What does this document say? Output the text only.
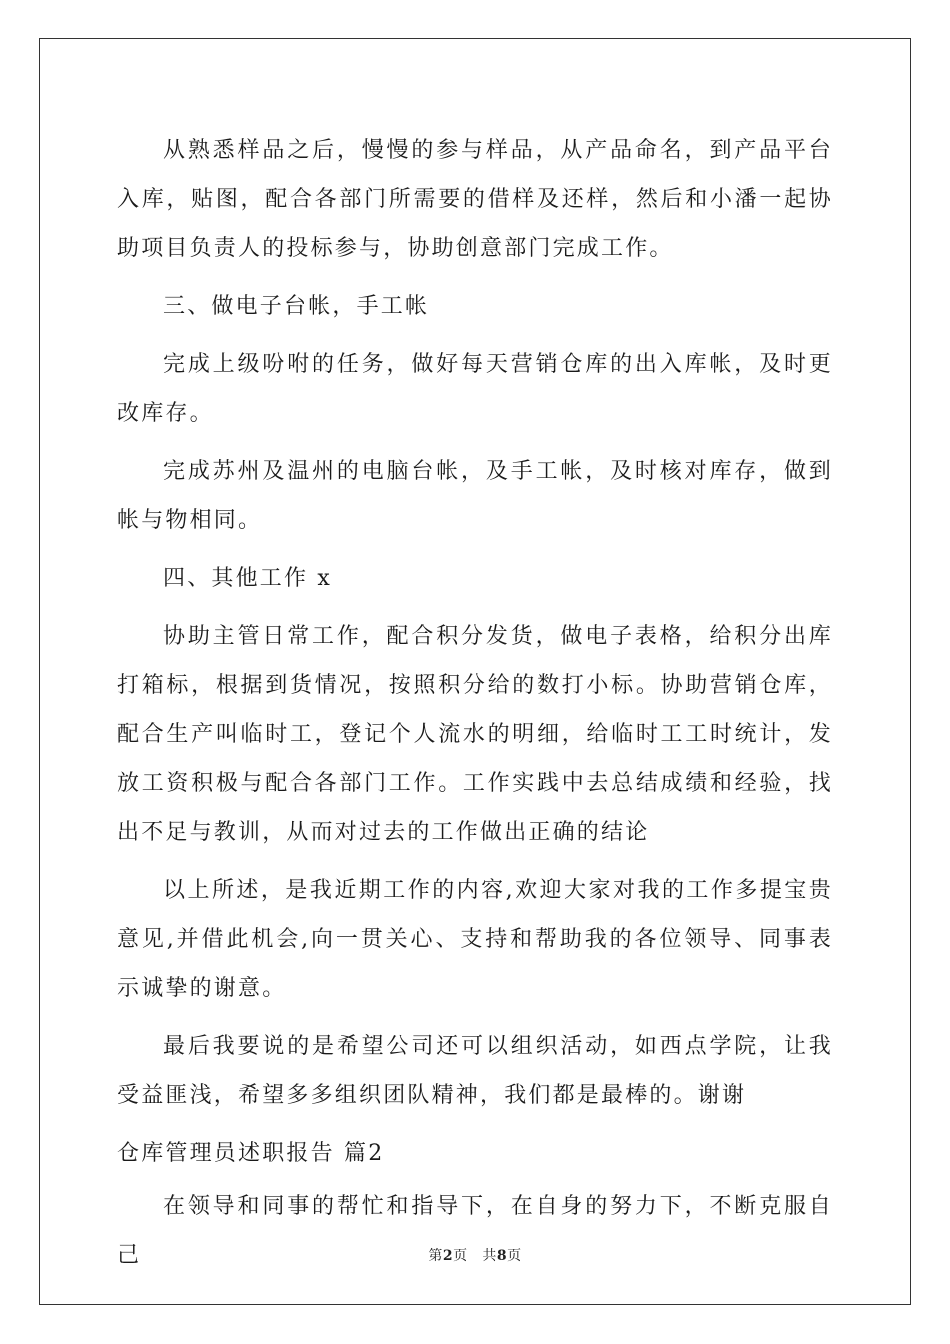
从熟悉样品之后，慢慢的参与样品，从产品命名，到产品平台入库，贴图，配合各部门所需要的借样及还样，然后和小潘一起协助项目负责人的投标参与，协助创意部门完成工作。

三、做电子台帐，手工帐

完成上级吩咐的任务，做好每天营销仓库的出入库帐，及时更改库存。

完成苏州及温州的电脑台帐，及手工帐，及时核对库存，做到帐与物相同。

四、其他工作 x

协助主管日常工作，配合积分发货，做电子表格，给积分出库打箱标，根据到货情况，按照积分给的数打小标。协助营销仓库，配合生产叫临时工，登记个人流水的明细，给临时工工时统计，发放工资积极与配合各部门工作。工作实践中去总结成绩和经验，找出不足与教训，从而对过去的工作做出正确的结论

以上所述，是我近期工作的内容,欢迎大家对我的工作多提宝贵意见,并借此机会,向一贯关心、支持和帮助我的各位领导、同事表示诚挚的谢意。

最后我要说的是希望公司还可以组织活动，如西点学院，让我受益匪浅，希望多多组织团队精神，我们都是最棒的。谢谢

仓库管理员述职报告 篇2

在领导和同事的帮忙和指导下，在自身的努力下，不断克服自己	第2页 共8页
